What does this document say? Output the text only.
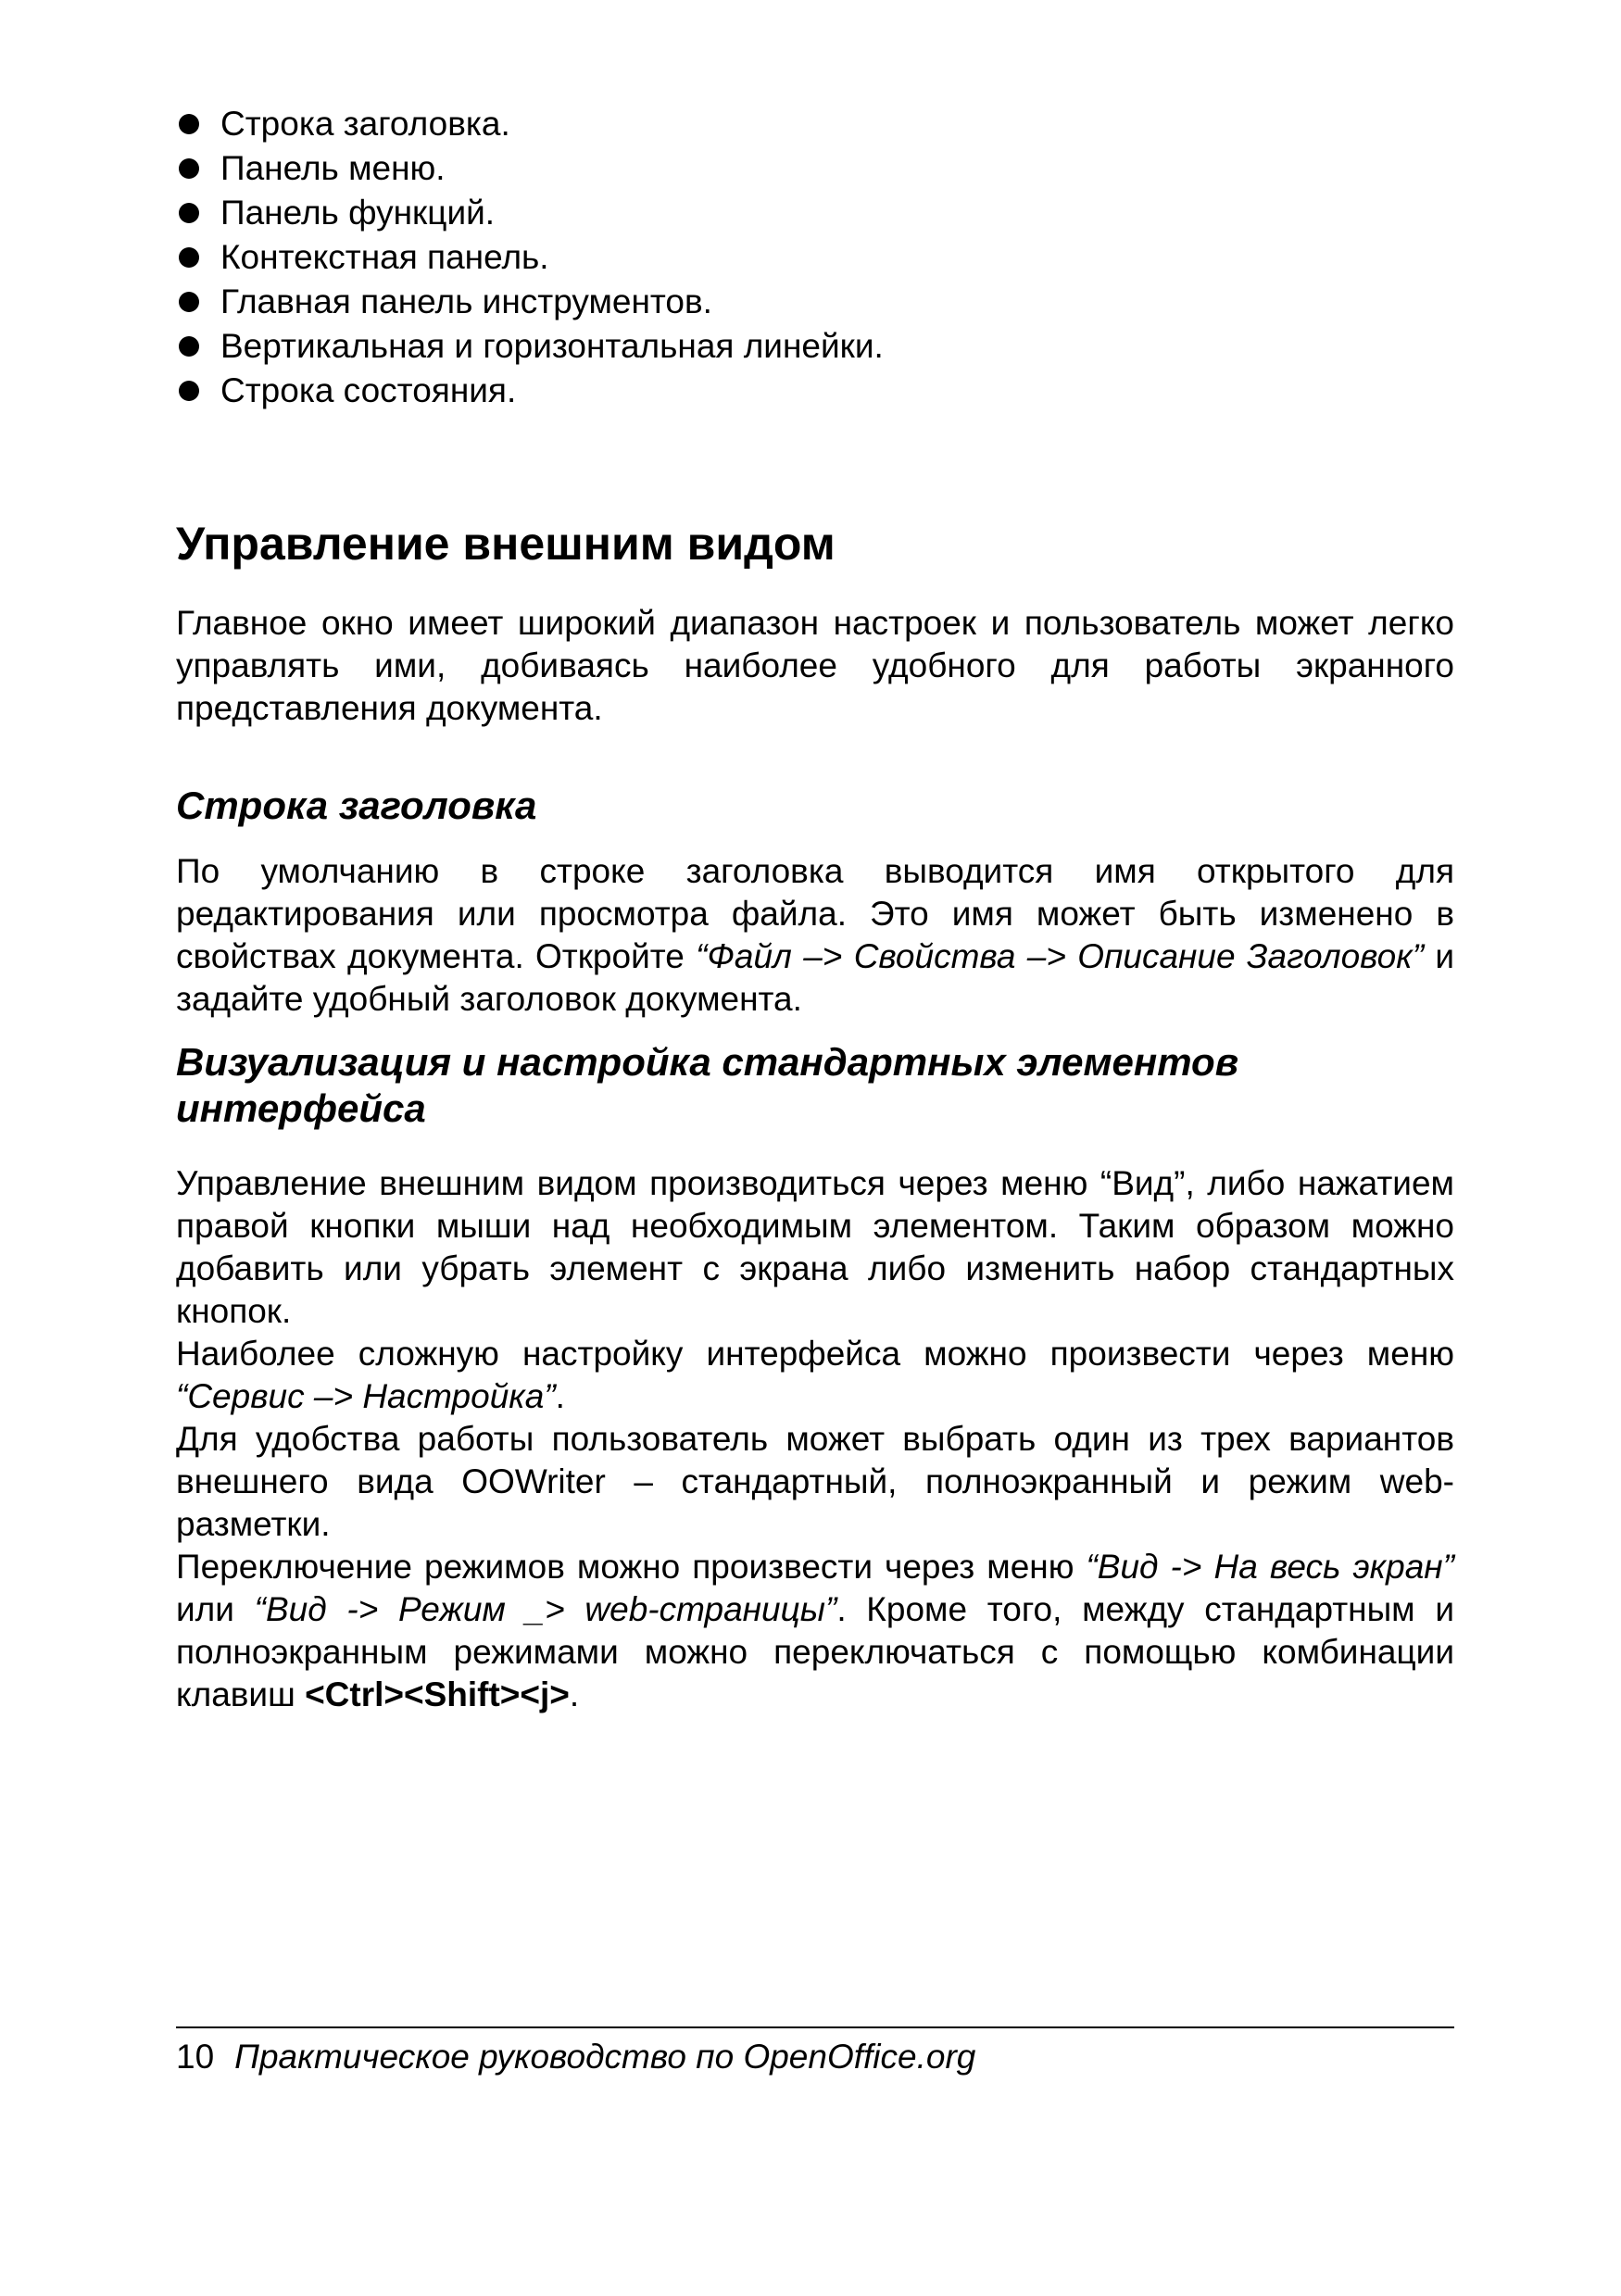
Строка заголовка.
Панель меню.
Панель функций.
Контекстная панель.
Главная панель инструментов.
Вертикальная и горизонтальная линейки.
Строка состояния.
Управление внешним видом

Главное окно имеет широкий диапазон настроек и пользователь может легко управлять ими, добиваясь наиболее удобного для работы экранного представления документа.

Строка заголовка

По умолчанию в строке заголовка выводится имя открытого для редактирования или просмотра файла. Это имя может быть изменено в свойствах документа. Откройте “Файл –> Свойства –> Описание Заголовок” и задайте удобный заголовок документа.

Визуализация и настройка стандартных элементов интерфейса

Управление внешним видом производиться через меню “Вид”, либо нажатием правой кнопки мыши над необходимым элементом. Таким образом можно добавить или убрать элемент с экрана либо изменить набор стандартных кнопок.

Наиболее сложную настройку интерфейса можно произвести через меню “Сервис –> Настройка”.

Для удобства работы пользователь может выбрать один из трех вариантов внешнего вида OOWriter – стандартный, полноэкранный и режим web-разметки.

Переключение режимов можно произвести через меню “Вид -> На весь экран” или “Вид -> Режим _> web-страницы”. Кроме того, между стандартным и полноэкранным режимами можно переключаться с помощью комбинации клавиш <Ctrl><Shift><j>.

10 Практическое руководство по OpenOffice.org
